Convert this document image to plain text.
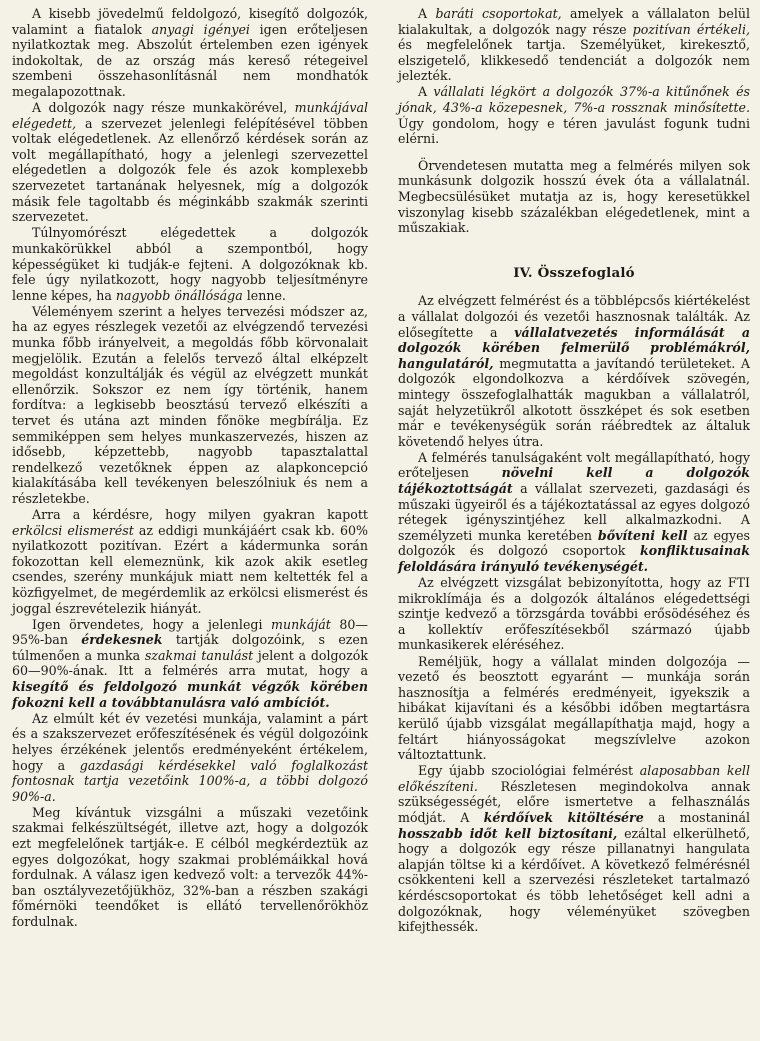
A kisebb jövedelmű feldolgozó, kisegítő dolgozók, valamint a fiatalok anyagi igényei igen erőteljesen nyilatkoztak meg. Abszolút értelemben ezen igények indokoltak, de az ország más kereső rétegeivel szembeni összehasonlításnál nem mondhatók megalapozottnak.

A dolgozók nagy része munkakörével, munkájával elégedett, a szervezet jelenlegi felépítésével többen voltak elégedetlenek. Az ellenőrző kérdések során az volt megállapítható, hogy a jelenlegi szervezettel elégedetlen a dolgozók fele és azok komplexebb szervezetet tartanának helyesnek, míg a dolgozók másik fele tagoltabb és méginkább szakmák szerinti szervezetet.

Túlnyomórészt elégedettek a dolgozók munkakörükkel abból a szempontból, hogy képességüket ki tudják-e fejteni. A dolgozóknak kb. fele úgy nyilatkozott, hogy nagyobb teljesítményre lenne képes, ha nagyobb önállósága lenne.

Véleményem szerint a helyes tervezési módszer az, ha az egyes részlegek vezetői az elvégzendő tervezési munka főbb irányelveit, a megoldás főbb körvonalait megjelölik. Ezután a felelős tervező által elképzelt megoldást konzultálják és végül az elvégzett munkát ellenőrzik. Sokszor ez nem így történik, hanem fordítva: a legkisebb beosztású tervező elkészíti a tervet és utána azt minden főnöke megbírálja. Ez semmiképpen sem helyes munkaszervezés, hiszen az idősebb, képzettebb, nagyobb tapasztalattal rendelkező vezetőknek éppen az alapkoncepció kialakításába kell tevékenyen beleszólniuk és nem a részletekbe.

Arra a kérdésre, hogy milyen gyakran kapott erkölcsi elismerést az eddigi munkájáért csak kb. 60% nyilatkozott pozitívan. Ezért a kádermunka során fokozottan kell elemeznünk, kik azok akik esetleg csendes, szerény munkájuk miatt nem keltették fel a közfigyelmet, de megérdemlik az erkölcsi elismerést és joggal észrevételezik hiányát.

Igen örvendetes, hogy a jelenlegi munkáját 80—95%-ban érdekesnek tartják dolgozóink, s ezen túlmenően a munka szakmai tanulást jelent a dolgozók 60—90%-ának. Itt a felmérés arra mutat, hogy a kisegítő és feldolgozó munkát végzők körében fokozni kell a továbbtanulásra való ambíciót.

Az elmúlt két év vezetési munkája, valamint a párt és a szakszervezet erőfeszítésének és végül dolgozóink helyes érzékének jelentős eredményeként értékelem, hogy a gazdasági kérdésekkel való foglalkozást fontosnak tartja vezetőink 100%-a, a többi dolgozó 90%-a.

Meg kívántuk vizsgálni a műszaki vezetőink szakmai felkészültségét, illetve azt, hogy a dolgozók ezt megfelelőnek tartják-e. E célból megkérdeztük az egyes dolgozókat, hogy szakmai problémáikkal hová fordulnak. A válasz igen kedvező volt: a tervezők 44%-ban osztályvezetőjükhöz, 32%-ban a részben szakági főmérnöki teendőket is ellátó tervellenőrökhöz fordulnak.

A baráti csoportokat, amelyek a vállalaton belül kialakultak, a dolgozók nagy része pozitívan értékeli, és megfelelőnek tartja. Személyüket, kirekesztő, elszigetelő, klikkesedő tendenciát a dolgozók nem jelezték.

A vállalati légkört a dolgozók 37%-a kitűnőnek és jónak, 43%-a közepesnek, 7%-a rossznak minősítette. Úgy gondolom, hogy e téren javulást fogunk tudni elérni.

Örvendetesen mutatta meg a felmérés milyen sok munkásunk dolgozik hosszú évek óta a vállalatnál. Megbecsülésüket mutatja az is, hogy keresetükkel viszonylag kisebb százalékban elégedetlenek, mint a műszakiak.

IV. Összefoglaló

Az elvégzett felmérést és a többlépcsős kiértékelést a vállalat dolgozói és vezetői hasznosnak találták. Az elősegítette a vállalatvezetés informálását a dolgozók körében felmerülő problémákról, hangulatáról, megmutatta a javítandó területeket. A dolgozók elgondolkozva a kérdőívek szövegén, mintegy összefoglalhatták magukban a vállalatról, saját helyzetükről alkotott összképet és sok esetben már e tevékenységük során ráébredtek az általuk követendő helyes útra.

A felmérés tanulságaként volt megállapítható, hogy erőteljesen növelni kell a dolgozók tájékoztottságát a vállalat szervezeti, gazdasági és műszaki ügyeiről és a tájékoztatással az egyes dolgozó rétegek igényszintjéhez kell alkalmazkodni. A személyzeti munka keretében bővíteni kell az egyes dolgozók és dolgozó csoportok konfliktusainak feloldására irányuló tevékenységét.

Az elvégzett vizsgálat bebizonyította, hogy az FTI mikroklímája és a dolgozók általános elégedettségi szintje kedvező a törzsgárda további erősödéséhez és a kollektív erőfeszítésekből származó újabb munkasikerek eléréséhez.

Reméljük, hogy a vállalat minden dolgozója — vezető és beosztott egyaránt — munkája során hasznosítja a felmérés eredményeit, igyekszik a hibákat kijavítani és a későbbi időben megtartásra kerülő újabb vizsgálat megállapíthatja majd, hogy a feltárt hiányosságokat megszívlelve azokon változtattunk.

Egy újabb szociológiai felmérést alaposabban kell előkészíteni. Részletesen megindokolva annak szükségességét, előre ismertetve a felhasználás módját. A kérdőívek kitöltésére a mostaninál hosszabb időt kell biztosítani, ezáltal elkerülhető, hogy a dolgozók egy része pillanatnyi hangulata alapján töltse ki a kérdőívet. A következő felmérésnél csökkenteni kell a szervezési részleteket tartalmazó kérdéscsoportokat és több lehetőséget kell adni a dolgozóknak, hogy véleményüket szövegben kifejthessék.
